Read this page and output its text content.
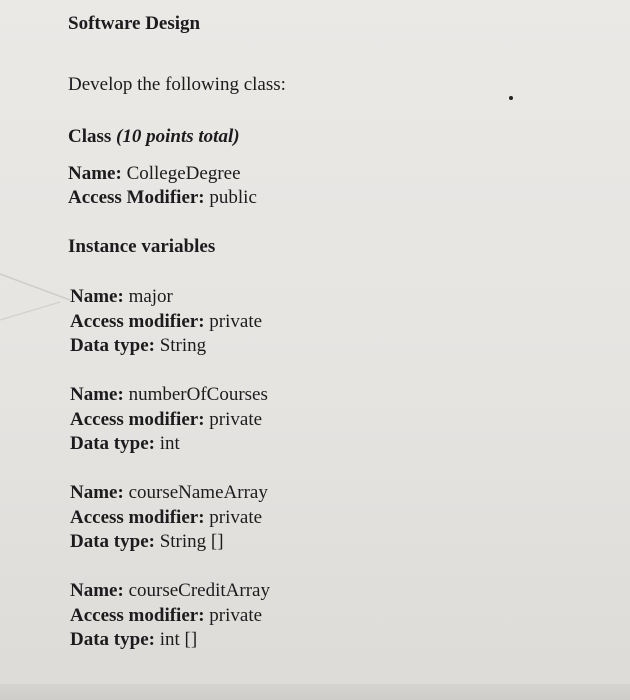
Software Design
Develop the following class:
Class (10 points total)
Name: CollegeDegree
Access Modifier: public
Instance variables
Name: major
Access modifier: private
Data type: String
Name: numberOfCourses
Access modifier: private
Data type: int
Name: courseNameArray
Access modifier: private
Data type: String []
Name: courseCreditArray
Access modifier: private
Data type: int []
